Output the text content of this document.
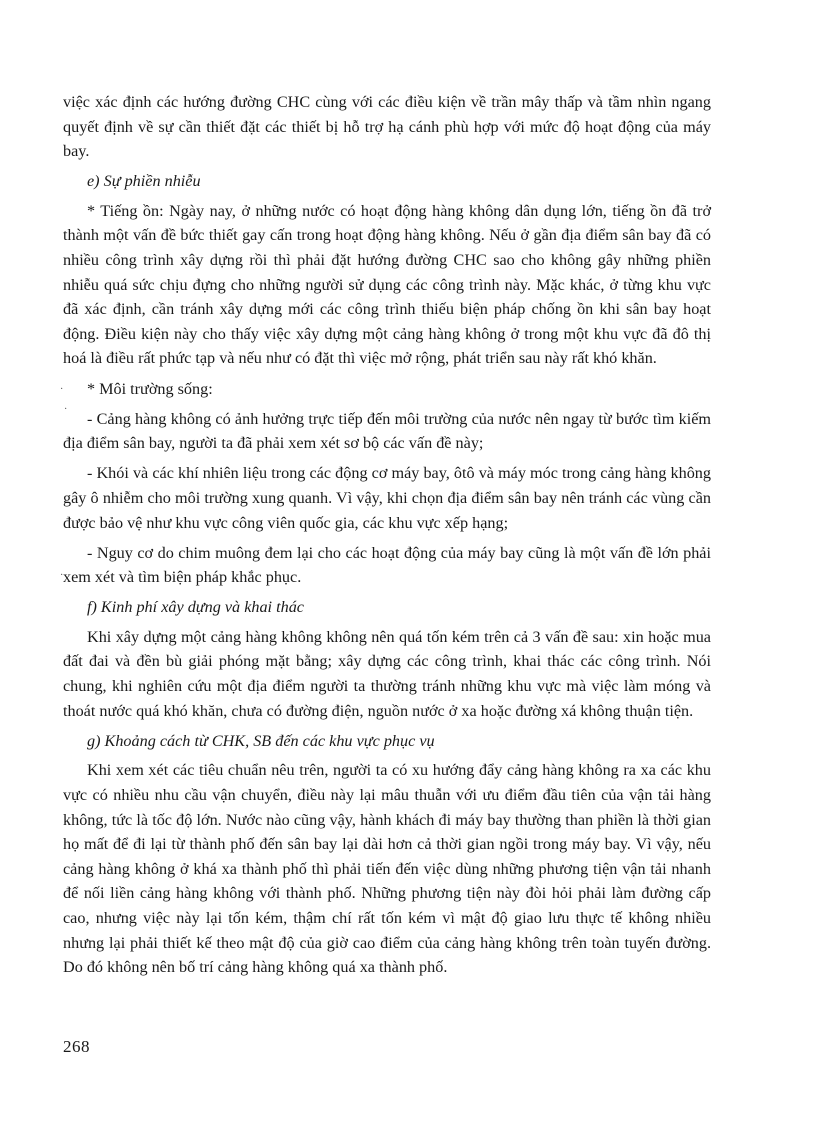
việc xác định các hướng đường CHC cùng với các điều kiện về trần mây thấp và tầm nhìn ngang quyết định về sự cần thiết đặt các thiết bị hỗ trợ hạ cánh phù hợp với mức độ hoạt động của máy bay.

e) Sự phiền nhiễu

* Tiếng ồn: Ngày nay, ở những nước có hoạt động hàng không dân dụng lớn, tiếng ồn đã trở thành một vấn đề bức thiết gay cấn trong hoạt động hàng không. Nếu ở gần địa điểm sân bay đã có nhiều công trình xây dựng rồi thì phải đặt hướng đường CHC sao cho không gây những phiền nhiễu quá sức chịu đựng cho những người sử dụng các công trình này. Mặc khác, ở từng khu vực đã xác định, cần tránh xây dựng mới các công trình thiếu biện pháp chống ồn khi sân bay hoạt động. Điều kiện này cho thấy việc xây dựng một cảng hàng không ở trong một khu vực đã đô thị hoá là điều rất phức tạp và nếu như có đặt thì việc mở rộng, phát triển sau này rất khó khăn.

* Môi trường sống:

- Cảng hàng không có ảnh hưởng trực tiếp đến môi trường của nước nên ngay từ bước tìm kiếm địa điểm sân bay, người ta đã phải xem xét sơ bộ các vấn đề này;

- Khói và các khí nhiên liệu trong các động cơ máy bay, ôtô và máy móc trong cảng hàng không gây ô nhiễm cho môi trường xung quanh. Vì vậy, khi chọn địa điểm sân bay nên tránh các vùng cần được bảo vệ như khu vực công viên quốc gia, các khu vực xếp hạng;

- Nguy cơ do chim muông đem lại cho các hoạt động của máy bay cũng là một vấn đề lớn phải xem xét và tìm biện pháp khắc phục.

f) Kinh phí xây dựng và khai thác

Khi xây dựng một cảng hàng không không nên quá tốn kém trên cả 3 vấn đề sau: xin hoặc mua đất đai và đền bù giải phóng mặt bằng; xây dựng các công trình, khai thác các công trình. Nói chung, khi nghiên cứu một địa điểm người ta thường tránh những khu vực mà việc làm móng và thoát nước quá khó khăn, chưa có đường điện, nguồn nước ở xa hoặc đường xá không thuận tiện.

g) Khoảng cách từ CHK, SB đến các khu vực phục vụ

Khi xem xét các tiêu chuẩn nêu trên, người ta có xu hướng đẩy cảng hàng không ra xa các khu vực có nhiều nhu cầu vận chuyển, điều này lại mâu thuẫn với ưu điểm đầu tiên của vận tải hàng không, tức là tốc độ lớn. Nước nào cũng vậy, hành khách đi máy bay thường than phiền là thời gian họ mất để đi lại từ thành phố đến sân bay lại dài hơn cả thời gian ngồi trong máy bay. Vì vậy, nếu cảng hàng không ở khá xa thành phố thì phải tiến đến việc dùng những phương tiện vận tải nhanh để nối liền cảng hàng không với thành phố. Những phương tiện này đòi hỏi phải làm đường cấp cao, nhưng việc này lại tốn kém, thậm chí rất tốn kém vì mật độ giao lưu thực tế không nhiều nhưng lại phải thiết kế theo mật độ của giờ cao điểm của cảng hàng không trên toàn tuyến đường. Do đó không nên bố trí cảng hàng không quá xa thành phố.

·
·
·
268
